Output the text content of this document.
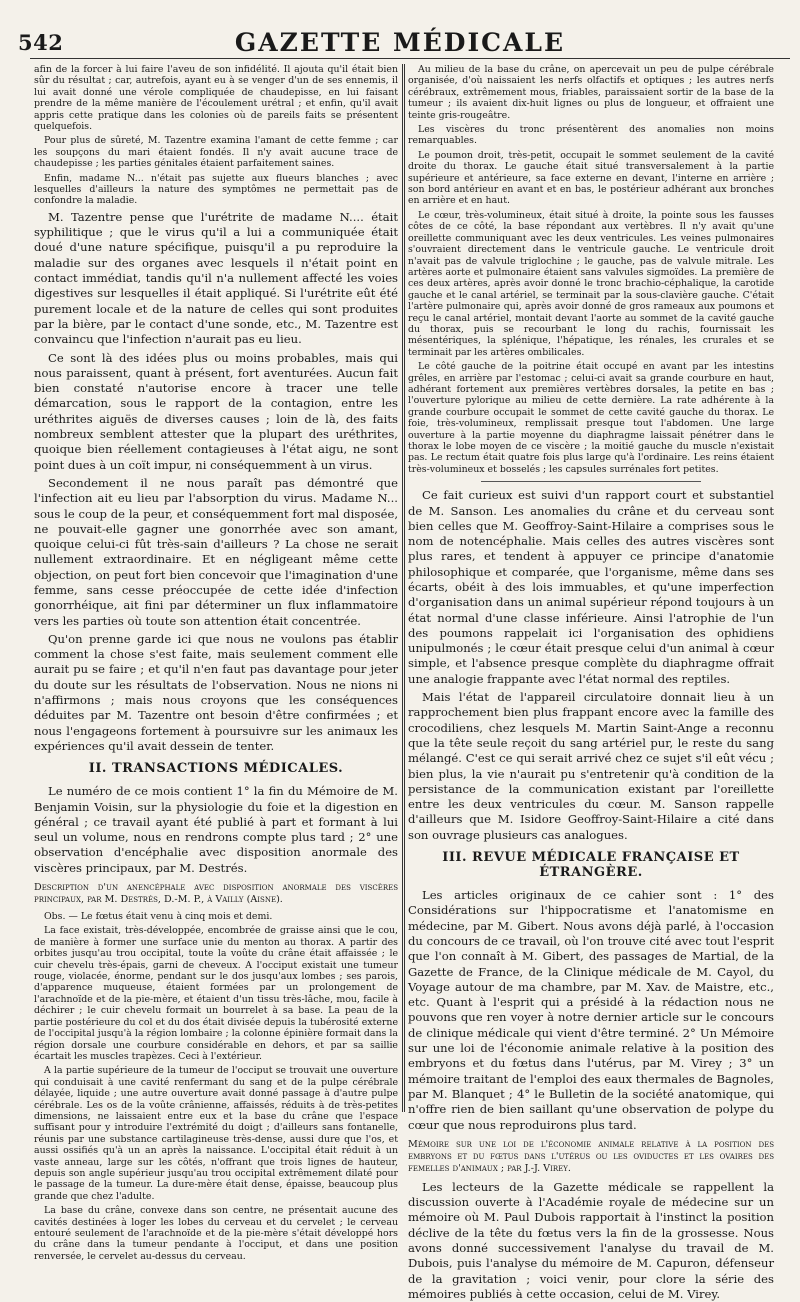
542	GAZETTE MÉDICALE

afin de la forcer à lui faire l'aveu de son infidélité. Il ajouta qu'il était bien sûr du résultat ; car, autrefois, ayant eu à se venger d'un de ses ennemis, il lui avait donné une vérole compliquée de chaudepisse, en lui faisant prendre de la même manière de l'écoulement urétral ; et enfin, qu'il avait appris cette pratique dans les colonies où de pareils faits se présentent quelquefois.

Pour plus de sûreté, M. Tazentre examina l'amant de cette femme ; car les soupçons du mari étaient fondés. Il n'y avait aucune trace de chaudepisse ; les parties génitales étaient parfaitement saines.

Enfin, madame N... n'était pas sujette aux flueurs blanches ; avec lesquelles d'ailleurs la nature des symptômes ne permettait pas de confondre la maladie.

M. Tazentre pense que l'urétrite de madame N.... était syphilitique ; que le virus qu'il a lui a communiquée était doué d'une nature spécifique, puisqu'il a pu reproduire la maladie sur des organes avec lesquels il n'était point en contact immédiat, tandis qu'il n'a nullement affecté les voies digestives sur lesquelles il était appliqué. Si l'urétrite eût été purement locale et de la nature de celles qui sont produites par la bière, par le contact d'une sonde, etc., M. Tazentre est convaincu que l'infection n'aurait pas eu lieu.

Ce sont là des idées plus ou moins probables, mais qui nous paraissent, quant à présent, fort aventurées. Aucun fait bien constaté n'autorise encore à tracer une telle démarcation, sous le rapport de la contagion, entre les uréthrites aiguës de diverses causes ; loin de là, des faits nombreux semblent attester que la plupart des uréthrites, quoique bien réellement contagieuses à l'état aigu, ne sont point dues à un coït impur, ni conséquemment à un virus.

Secondement il ne nous paraît pas démontré que l'infection ait eu lieu par l'absorption du virus. Madame N... sous le coup de la peur, et conséquemment fort mal disposée, ne pouvait-elle gagner une gonorrhée avec son amant, quoique celui-ci fût très-sain d'ailleurs ? La chose ne serait nullement extraordinaire. Et en négligeant même cette objection, on peut fort bien concevoir que l'imagination d'une femme, sans cesse préoccupée de cette idée d'infection gonorrhéique, ait fini par déterminer un flux inflammatoire vers les parties où toute son attention était concentrée.

Qu'on prenne garde ici que nous ne voulons pas établir comment la chose s'est faite, mais seulement comment elle aurait pu se faire ; et qu'il n'en faut pas davantage pour jeter du doute sur les résultats de l'observation. Nous ne nions ni n'affirmons ; mais nous croyons que les conséquences déduites par M. Tazentre ont besoin d'être confirmées ; et nous l'engageons fortement à poursuivre sur les animaux les expériences qu'il avait dessein de tenter.

II. TRANSACTIONS MÉDICALES.

Le numéro de ce mois contient 1° la fin du Mémoire de M. Benjamin Voisin, sur la physiologie du foie et la digestion en général ; ce travail ayant été publié à part et formant à lui seul un volume, nous en rendrons compte plus tard ; 2° une observation d'encéphalie avec disposition anormale des viscères principaux, par M. Destrés.

Description d'un anencéphale avec disposition anormale des viscères principaux, par M. Destrés, D.-M. P., à Vailly (Aisne).

Obs. — Le fœtus était venu à cinq mois et demi.

La face existait, très-développée, encombrée de graisse ainsi que le cou, de manière à former une surface unie du menton au thorax. A partir des orbites jusqu'au trou occipital, toute la voûte du crâne était affaissée ; le cuir chevelu très-épais, garni de cheveux. A l'occiput existait une tumeur rouge, violacée, énorme, pendant sur le dos jusqu'aux lombes ; ses parois, d'apparence muqueuse, étaient formées par un prolongement de l'arachnoïde et de la pie-mère, et étaient d'un tissu très-lâche, mou, facile à déchirer ; le cuir chevelu formait un bourrelet à sa base. La peau de la partie postérieure du col et du dos était divisée depuis la tubérosité externe de l'occipital jusqu'à la région lombaire ; la colonne épinière formait dans la région dorsale une courbure considérable en dehors, et par sa saillie écartait les muscles trapèzes. Ceci à l'extérieur.

A la partie supérieure de la tumeur de l'occiput se trouvait une ouverture qui conduisait à une cavité renfermant du sang et de la pulpe cérébrale délayée, liquide ; une autre ouverture avait donné passage à d'autre pulpe cérébrale. Les os de la voûte crânienne, affaissés, réduits à de très-petites dimensions, ne laissaient entre eux et la base du crâne que l'espace suffisant pour y introduire l'extrémité du doigt ; d'ailleurs sans fontanelle, réunis par une substance cartilagineuse très-dense, aussi dure que l'os, et aussi ossifiés qu'à un an après la naissance. L'occipital était réduit à un vaste anneau, large sur les côtés, n'offrant que trois lignes de hauteur, depuis son angle supérieur jusqu'au trou occipital extrêmement dilaté pour le passage de la tumeur. La dure-mère était dense, épaisse, beaucoup plus grande que chez l'adulte.

La base du crâne, convexe dans son centre, ne présentait aucune des cavités destinées à loger les lobes du cerveau et du cervelet ; le cerveau entouré seulement de l'arachnoïde et de la pie-mère s'était développé hors du crâne dans la tumeur pendante à l'occiput, et dans une position renversée, le cervelet au-dessus du cerveau.

Au milieu de la base du crâne, on apercevait un peu de pulpe cérébrale organisée, d'où naissaient les nerfs olfactifs et optiques ; les autres nerfs cérébraux, extrêmement mous, friables, paraissaient sortir de la base de la tumeur ; ils avaient dix-huit lignes ou plus de longueur, et offraient une teinte gris-rougeâtre.

Les viscères du tronc présentèrent des anomalies non moins remarquables.

Le poumon droit, très-petit, occupait le sommet seulement de la cavité droite du thorax. Le gauche était situé transversalement à la partie supérieure et antérieure, sa face externe en devant, l'interne en arrière ; son bord antérieur en avant et en bas, le postérieur adhérant aux bronches en arrière et en haut.

Le cœur, très-volumineux, était situé à droite, la pointe sous les fausses côtes de ce côté, la base répondant aux vertèbres. Il n'y avait qu'une oreillette communiquant avec les deux ventricules. Les veines pulmonaires s'ouvraient directement dans le ventricule gauche. Le ventricule droit n'avait pas de valvule triglochine ; le gauche, pas de valvule mitrale. Les artères aorte et pulmonaire étaient sans valvules sigmoïdes. La première de ces deux artères, après avoir donné le tronc brachio-céphalique, la carotide gauche et le canal artériel, se terminait par la sous-clavière gauche. C'était l'artère pulmonaire qui, après avoir donné de gros rameaux aux poumons et reçu le canal artériel, montait devant l'aorte au sommet de la cavité gauche du thorax, puis se recourbant le long du rachis, fournissait les mésentériques, la splénique, l'hépatique, les rénales, les crurales et se terminait par les artères ombilicales.

Le côté gauche de la poitrine était occupé en avant par les intestins grêles, en arrière par l'estomac ; celui-ci avait sa grande courbure en haut, adhérant fortement aux premières vertèbres dorsales, la petite en bas ; l'ouverture pylorique au milieu de cette dernière. La rate adhérente à la grande courbure occupait le sommet de cette cavité gauche du thorax. Le foie, très-volumineux, remplissait presque tout l'abdomen. Une large ouverture à la partie moyenne du diaphragme laissait pénétrer dans le thorax le lobe moyen de ce viscère ; la moitié gauche du muscle n'existait pas. Le rectum était quatre fois plus large qu'à l'ordinaire. Les reins étaient très-volumineux et bosselés ; les capsules surrénales fort petites.

Ce fait curieux est suivi d'un rapport court et substantiel de M. Sanson. Les anomalies du crâne et du cerveau sont bien celles que M. Geoffroy-Saint-Hilaire a comprises sous le nom de notencéphalie. Mais celles des autres viscères sont plus rares, et tendent à appuyer ce principe d'anatomie philosophique et comparée, que l'organisme, même dans ses écarts, obéit à des lois immuables, et qu'une imperfection d'organisation dans un animal supérieur répond toujours à un état normal d'une classe inférieure. Ainsi l'atrophie de l'un des poumons rappelait ici l'organisation des ophidiens unipulmonés ; le cœur était presque celui d'un animal à cœur simple, et l'absence presque complète du diaphragme offrait une analogie frappante avec l'état normal des reptiles.

Mais l'état de l'appareil circulatoire donnait lieu à un rapprochement bien plus frappant encore avec la famille des crocodiliens, chez lesquels M. Martin Saint-Ange a reconnu que la tête seule reçoit du sang artériel pur, le reste du sang mélangé. C'est ce qui serait arrivé chez ce sujet s'il eût vécu ; bien plus, la vie n'aurait pu s'entretenir qu'à condition de la persistance de la communication existant par l'oreillette entre les deux ventricules du cœur. M. Sanson rappelle d'ailleurs que M. Isidore Geoffroy-Saint-Hilaire a cité dans son ouvrage plusieurs cas analogues.

III. REVUE MÉDICALE FRANÇAISE ET ÉTRANGÈRE.

Les articles originaux de ce cahier sont : 1° des Considérations sur l'hippocratisme et l'anatomisme en médecine, par M. Gibert. Nous avons déjà parlé, à l'occasion du concours de ce travail, où l'on trouve cité avec tout l'esprit que l'on connaît à M. Gibert, des passages de Martial, de la Gazette de France, de la Clinique médicale de M. Cayol, du Voyage autour de ma chambre, par M. Xav. de Maistre, etc., etc. Quant à l'esprit qui a présidé à la rédaction nous ne pouvons que ren voyer à notre dernier article sur le concours de clinique médicale qui vient d'être terminé. 2° Un Mémoire sur une loi de l'économie animale relative à la position des embryons et du fœtus dans l'utérus, par M. Virey ; 3° un mémoire traitant de l'emploi des eaux thermales de Bagnoles, par M. Blanquet ; 4° le Bulletin de la société anatomique, qui n'offre rien de bien saillant qu'une observation de polype du cœur que nous reproduirons plus tard.

Mémoire sur une loi de l'économie animale relative à la position des embryons et du fœtus dans l'utérus ou les oviductes et les ovaires des femelles d'animaux ; par J.-J. Virey.

Les lecteurs de la Gazette médicale se rappellent la discussion ouverte à l'Académie royale de médecine sur un mémoire où M. Paul Dubois rapportait à l'instinct la position déclive de la tête du fœtus vers la fin de la grossesse. Nous avons donné successivement l'analyse du travail de M. Dubois, puis l'analyse du mémoire de M. Capuron, défenseur de la gravitation ; voici venir, pour clore la série des mémoires publiés à cette occasion, celui de M. Virey.
